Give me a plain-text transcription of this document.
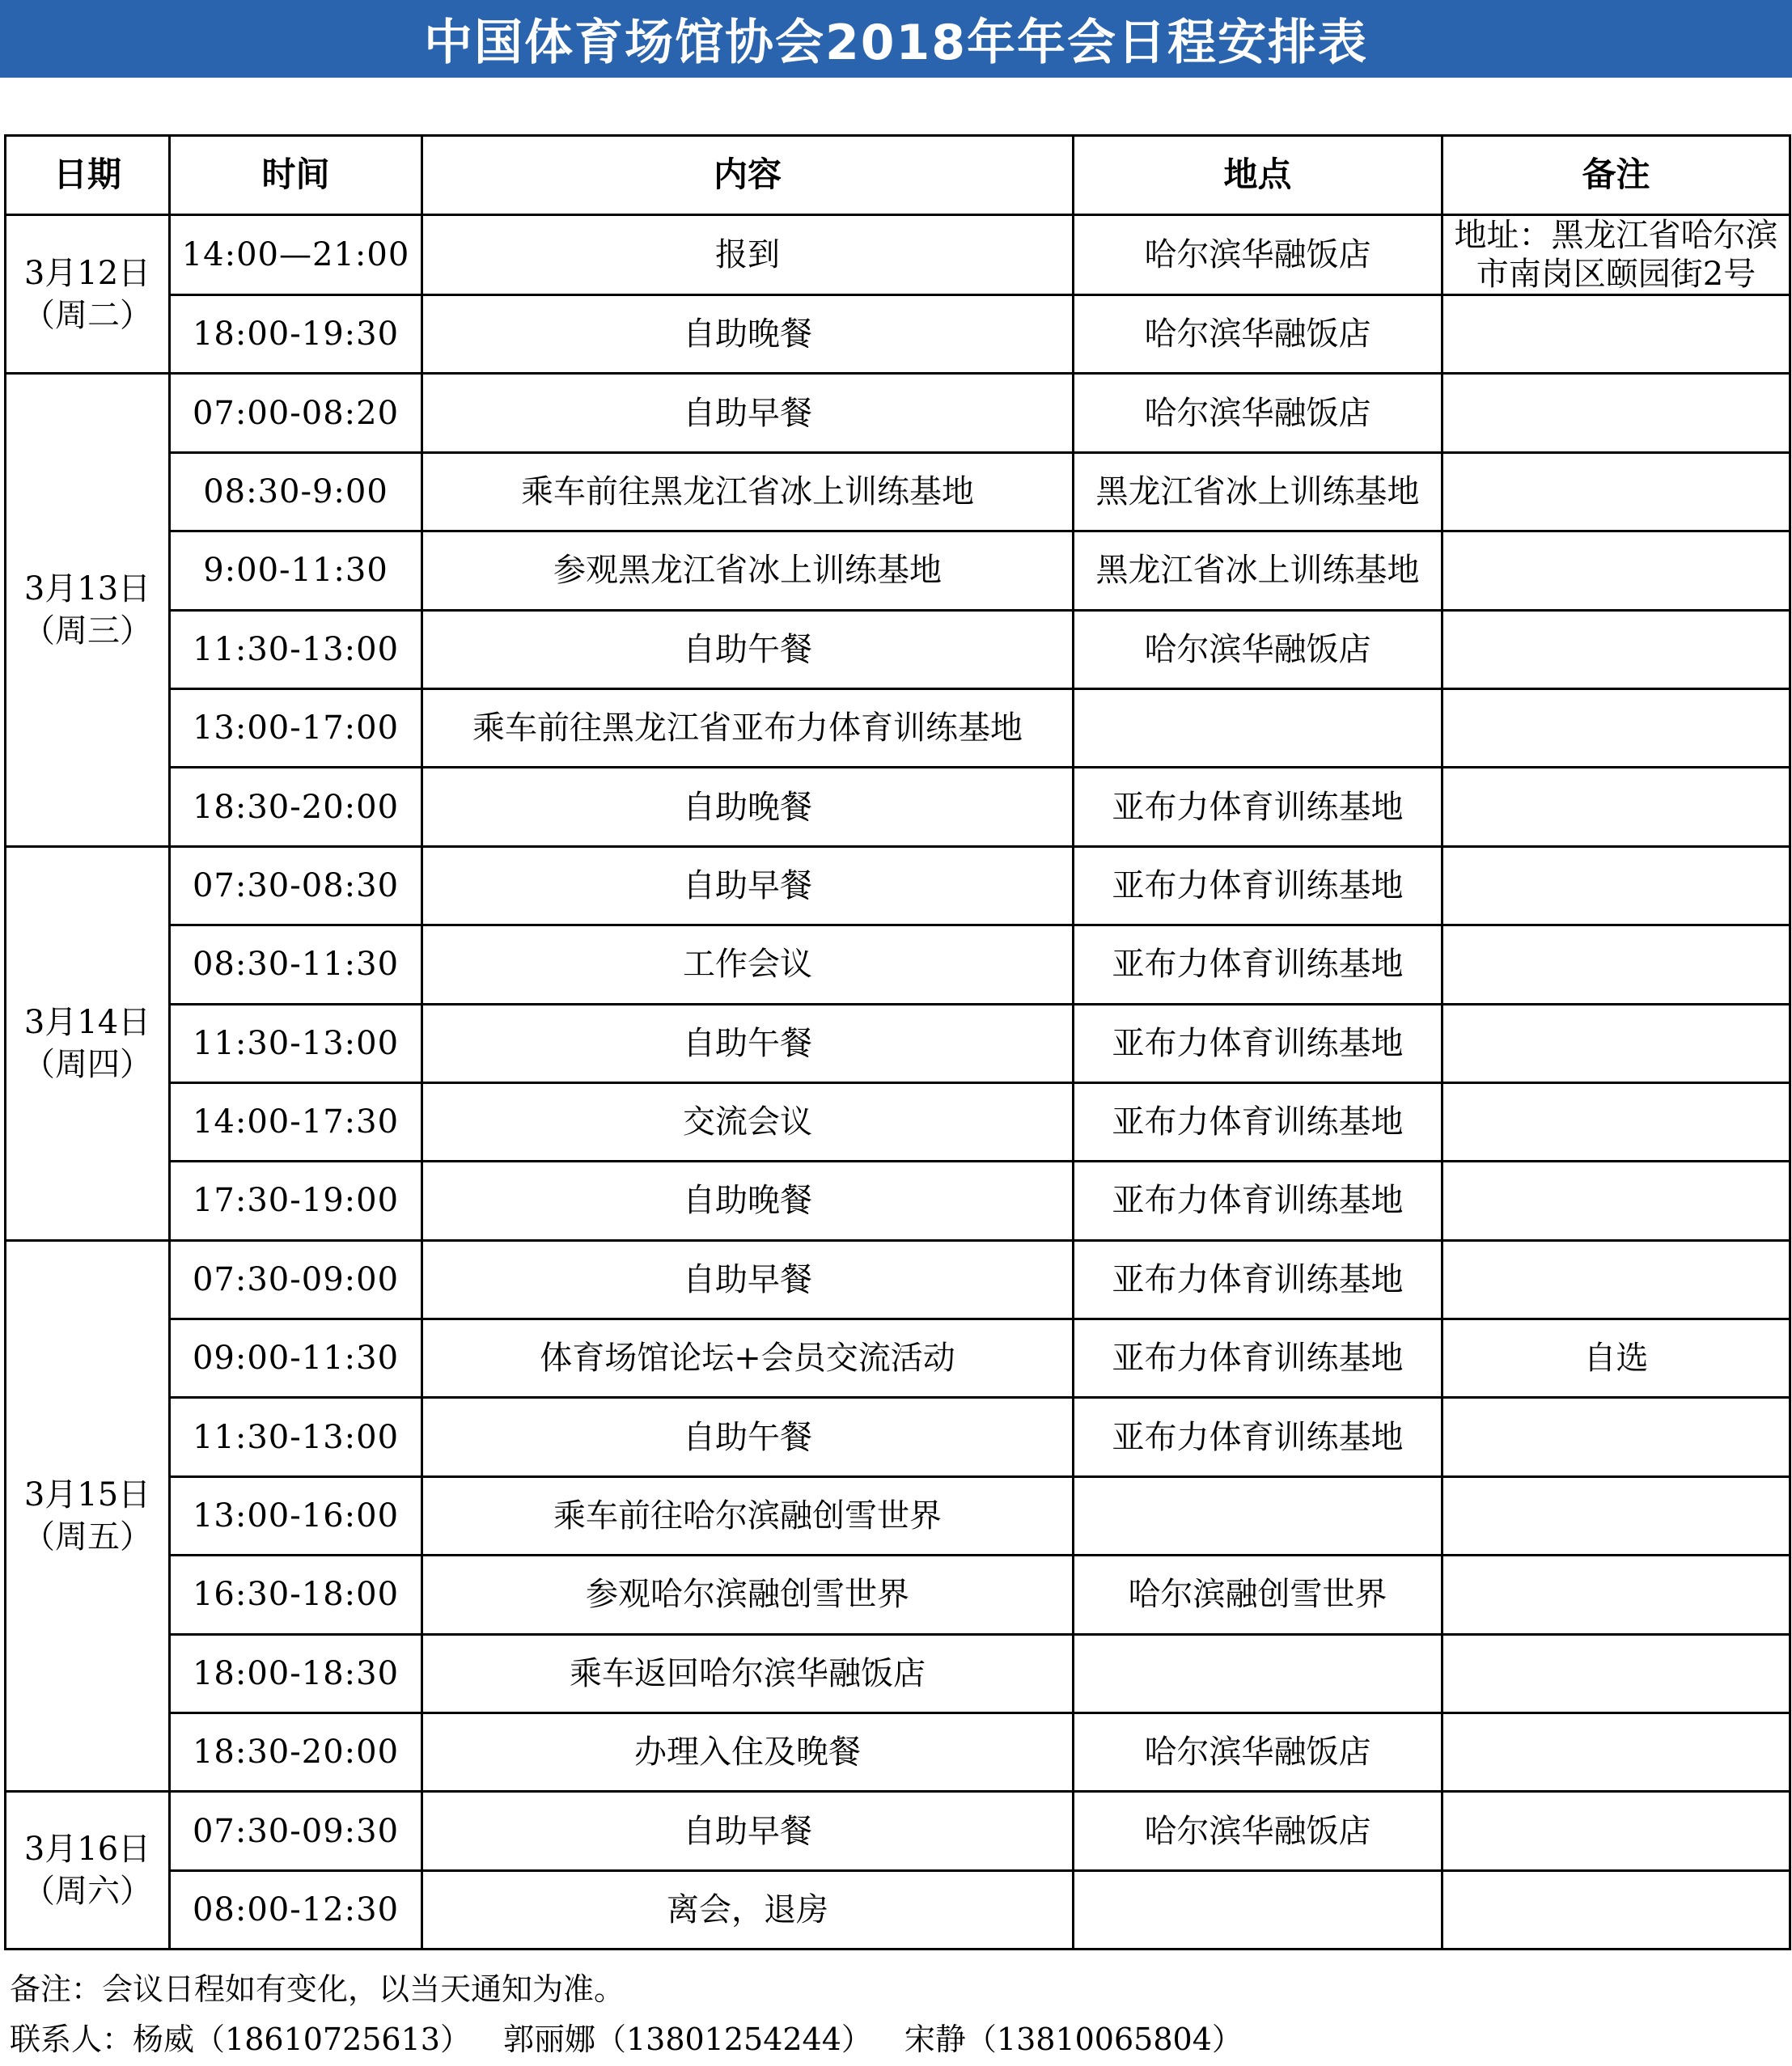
中国体育场馆协会2018年年会日程安排表
日期	时间	内容	地点	备注

3月12日
（周二）	14:00—21:00	报到	哈尔滨华融饭店	地址：黑龙江省哈尔滨市南岗区颐园街2号
	18:00-19:30	自助晚餐	哈尔滨华融饭店	

3月13日
（周三）	07:00-08:20	自助早餐	哈尔滨华融饭店	
	08:30-9:00	乘车前往黑龙江省冰上训练基地	黑龙江省冰上训练基地	
	9:00-11:30	参观黑龙江省冰上训练基地	黑龙江省冰上训练基地	
	11:30-13:00	自助午餐	哈尔滨华融饭店	
	13:00-17:00	乘车前往黑龙江省亚布力体育训练基地		
	18:30-20:00	自助晚餐	亚布力体育训练基地	

3月14日
（周四）	07:30-08:30	自助早餐	亚布力体育训练基地	
	08:30-11:30	工作会议	亚布力体育训练基地	
	11:30-13:00	自助午餐	亚布力体育训练基地	
	14:00-17:30	交流会议	亚布力体育训练基地	
	17:30-19:00	自助晚餐	亚布力体育训练基地	

3月15日
（周五）	07:30-09:00	自助早餐	亚布力体育训练基地	
	09:00-11:30	体育场馆论坛+会员交流活动	亚布力体育训练基地	自选
	11:30-13:00	自助午餐	亚布力体育训练基地	
	13:00-16:00	乘车前往哈尔滨融创雪世界		
	16:30-18:00	参观哈尔滨融创雪世界	哈尔滨融创雪世界	
	18:00-18:30	乘车返回哈尔滨华融饭店		
	18:30-20:00	办理入住及晚餐	哈尔滨华融饭店	

3月16日
（周六）	07:30-09:30	自助早餐	哈尔滨华融饭店	
	08:00-12:30	离会，退房		
备注：会议日程如有变化，以当天通知为准。
联系人：杨威（18610725613） 郭丽娜（13801254244） 宋静（13810065804）
